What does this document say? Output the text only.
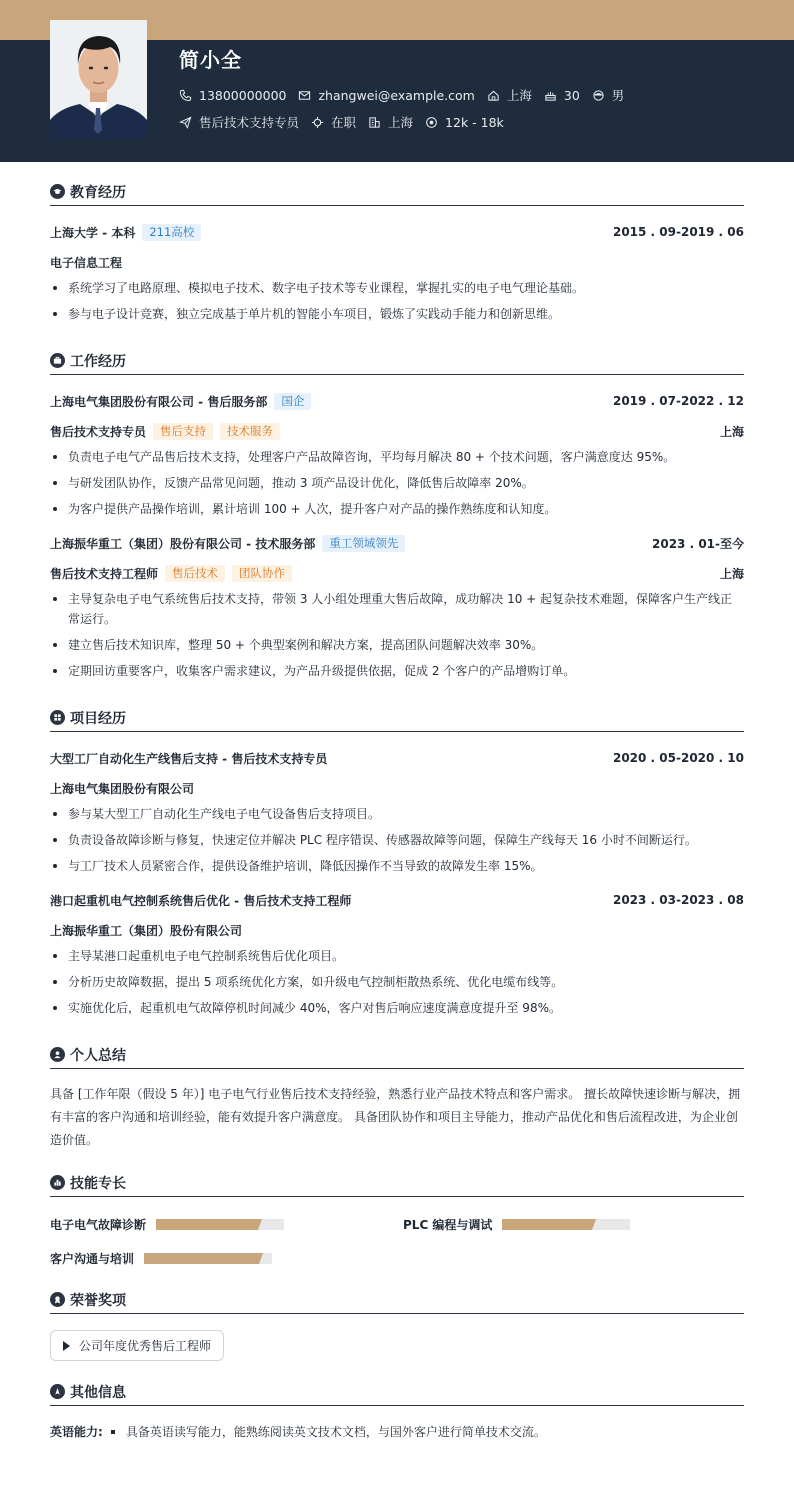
简小全
13800000000	zhangwei@example.com	上海	30	男
售后技术支持专员	在职	上海	12k - 18k
教育经历
上海大学 - 本科	211高校	2015 . 09-2019 . 06
电子信息工程
系统学习了电路原理、模拟电子技术、数字电子技术等专业课程，掌握扎实的电子电气理论基础。
参与电子设计竞赛，独立完成基于单片机的智能小车项目，锻炼了实践动手能力和创新思维。
工作经历
上海电气集团股份有限公司 - 售后服务部	国企	2019 . 07-2022 . 12
售后技术支持专员	售后支持	技术服务	上海
负责电子电气产品售后技术支持，处理客户产品故障咨询，平均每月解决 80 + 个技术问题，客户满意度达 95%。
与研发团队协作，反馈产品常见问题，推动 3 项产品设计优化，降低售后故障率 20%。
为客户提供产品操作培训，累计培训 100 + 人次，提升客户对产品的操作熟练度和认知度。
上海振华重工（集团）股份有限公司 - 技术服务部	重工领域领先	2023 . 01-至今
售后技术支持工程师	售后技术	团队协作	上海
主导复杂电子电气系统售后技术支持，带领 3 人小组处理重大售后故障，成功解决 10 + 起复杂技术难题，保障客户生产线正常运行。
建立售后技术知识库，整理 50 + 个典型案例和解决方案，提高团队问题解决效率 30%。
定期回访重要客户，收集客户需求建议，为产品升级提供依据，促成 2 个客户的产品增购订单。
项目经历
大型工厂自动化生产线售后支持 - 售后技术支持专员	2020 . 05-2020 . 10
上海电气集团股份有限公司
参与某大型工厂自动化生产线电子电气设备售后支持项目。
负责设备故障诊断与修复，快速定位并解决 PLC 程序错误、传感器故障等问题，保障生产线每天 16 小时不间断运行。
与工厂技术人员紧密合作，提供设备维护培训，降低因操作不当导致的故障发生率 15%。
港口起重机电气控制系统售后优化 - 售后技术支持工程师	2023 . 03-2023 . 08
上海振华重工（集团）股份有限公司
主导某港口起重机电子电气控制系统售后优化项目。
分析历史故障数据，提出 5 项系统优化方案，如升级电气控制柜散热系统、优化电缆布线等。
实施优化后，起重机电气故障停机时间减少 40%，客户对售后响应速度满意度提升至 98%。
个人总结
具备 [工作年限（假设 5 年）] 电子电气行业售后技术支持经验，熟悉行业产品技术特点和客户需求。 擅长故障快速诊断与解决，拥有丰富的客户沟通和培训经验，能有效提升客户满意度。 具备团队协作和项目主导能力，推动产品优化和售后流程改进，为企业创造价值。
技能专长
电子电气故障诊断	PLC 编程与调试
客户沟通与培训
荣誉奖项
公司年度优秀售后工程师
其他信息
英语能力: 具备英语读写能力，能熟练阅读英文技术文档，与国外客户进行简单技术交流。
